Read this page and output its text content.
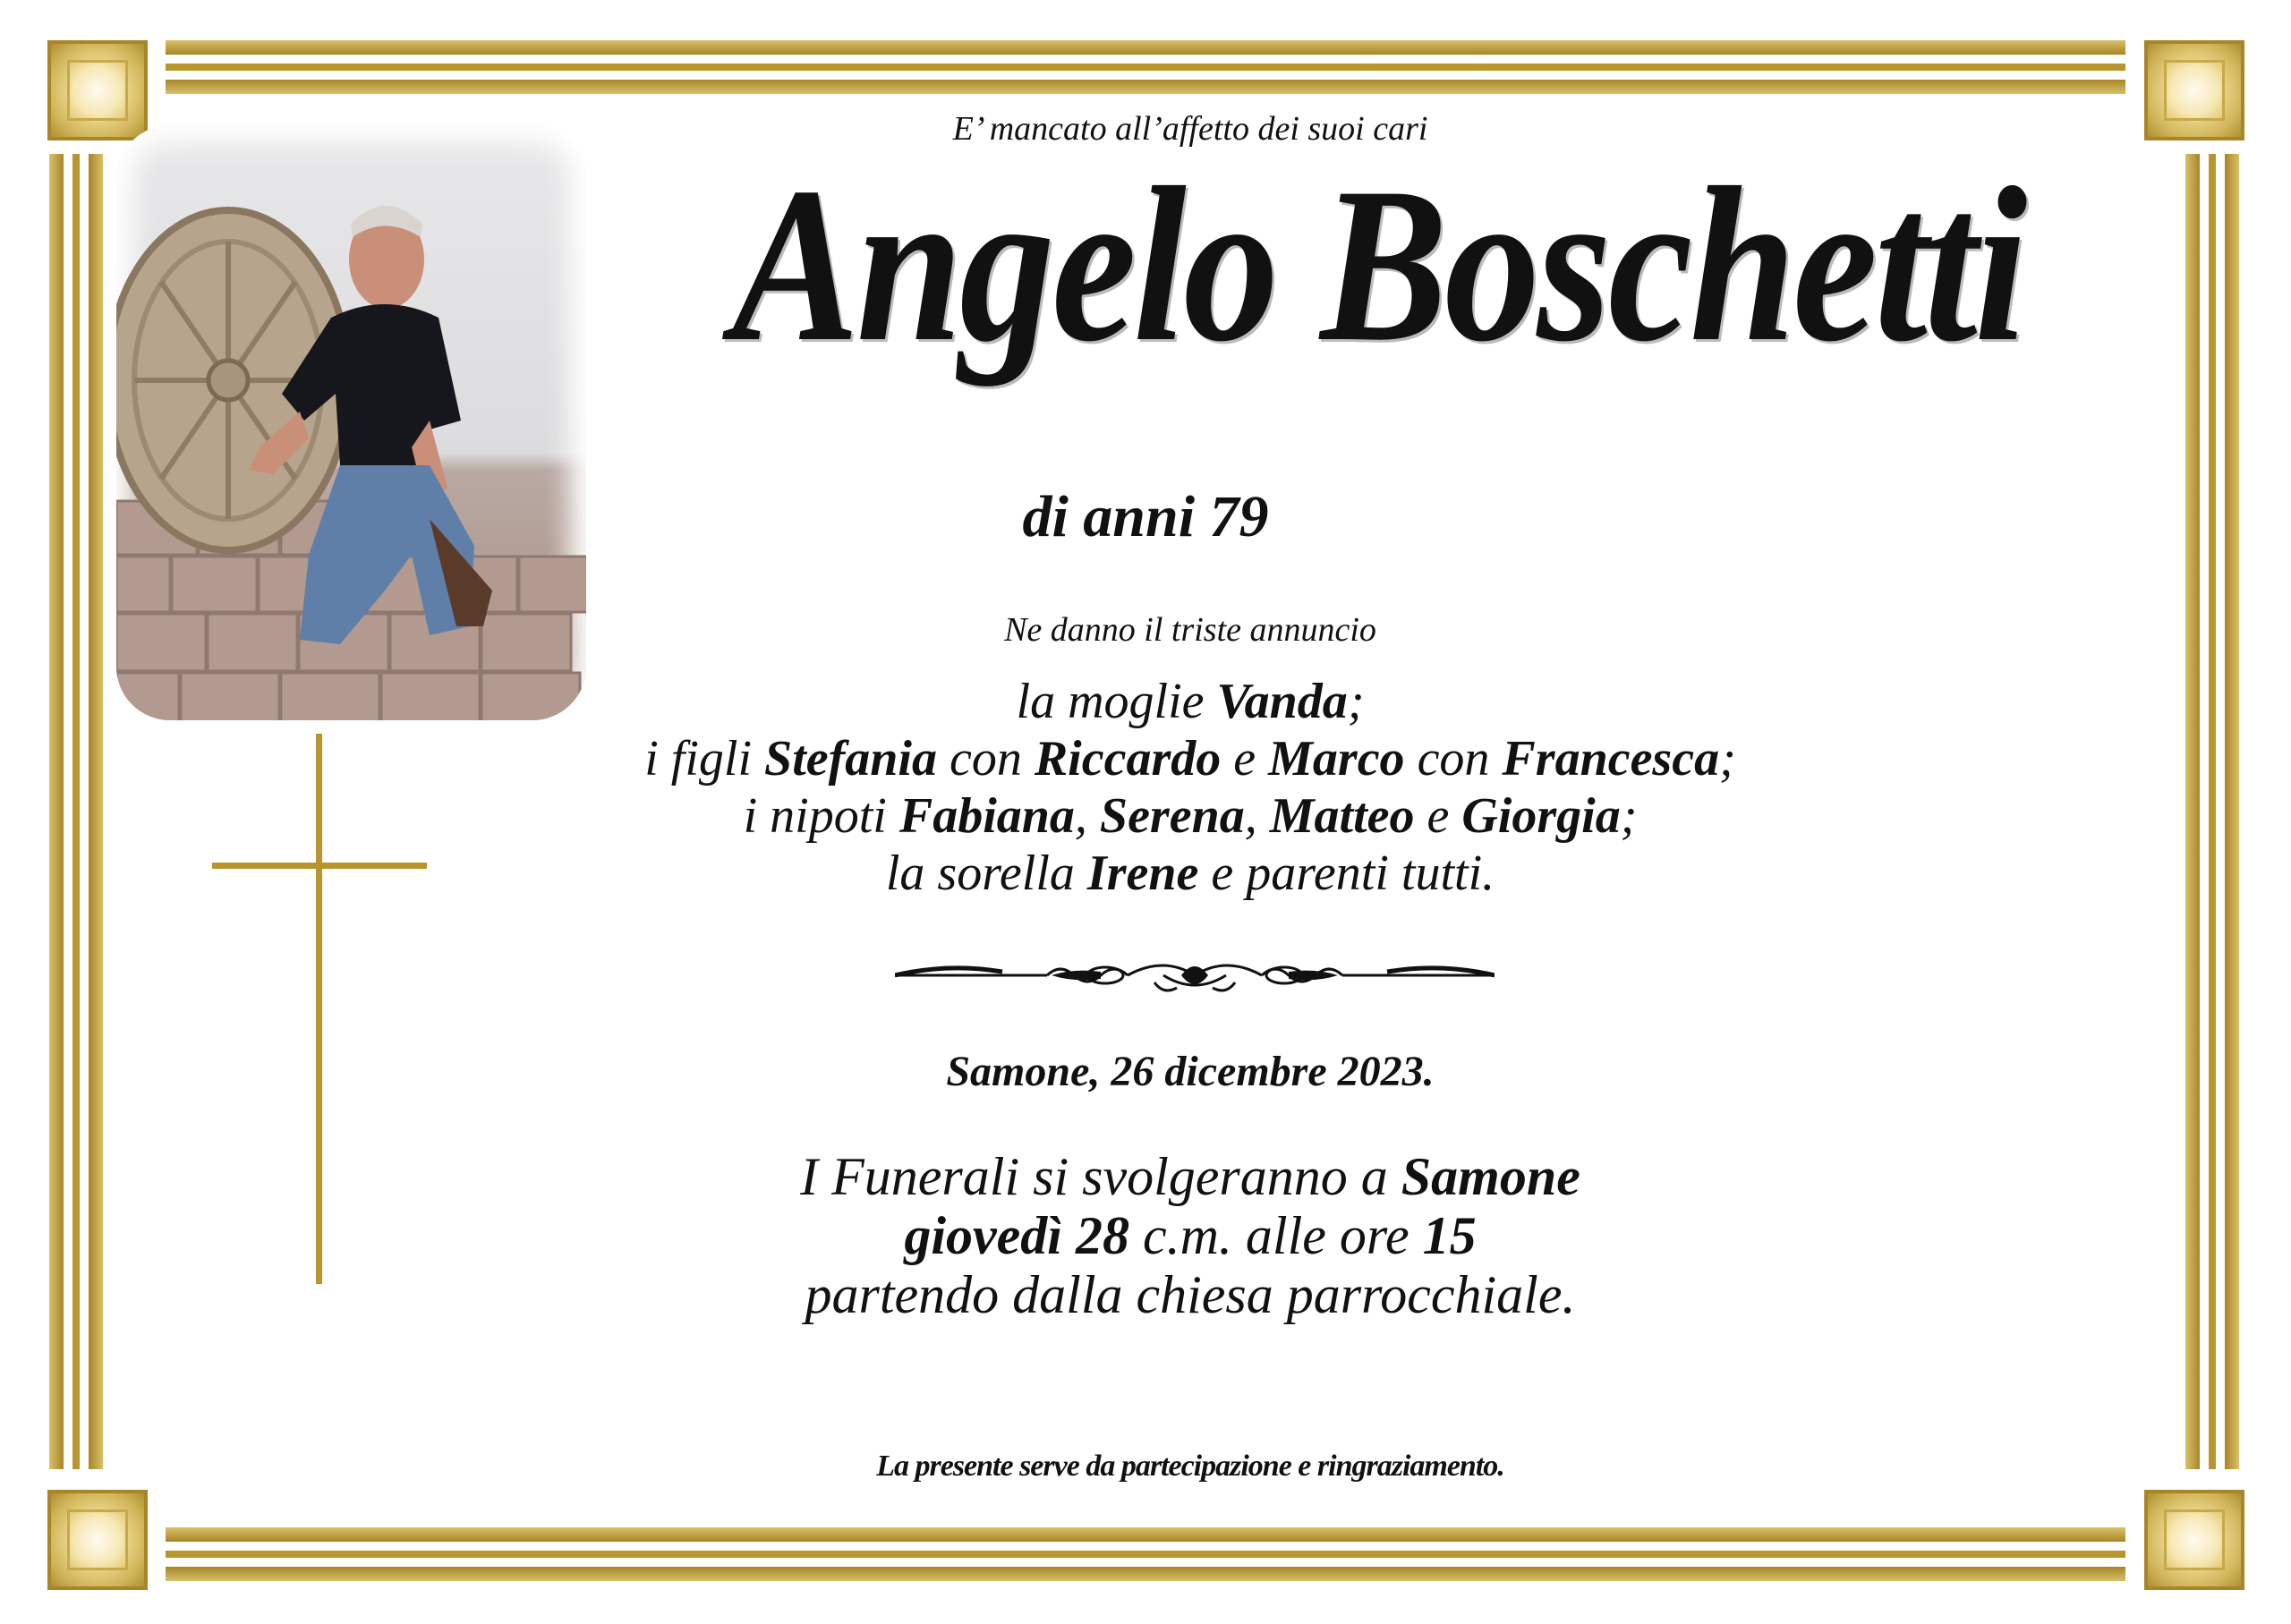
E’ mancato all’affetto dei suoi cari
Angelo Boschetti
di anni 79
Ne danno il triste annuncio
la moglie Vanda;
i figli Stefania con Riccardo e Marco con Francesca;
i nipoti Fabiana, Serena, Matteo e Giorgia;
la sorella Irene e parenti tutti.
Samone, 26 dicembre 2023.
I Funerali si svolgeranno a Samone
giovedì 28 c.m. alle ore 15
partendo dalla chiesa parrocchiale.
La presente serve da partecipazione e ringraziamento.
